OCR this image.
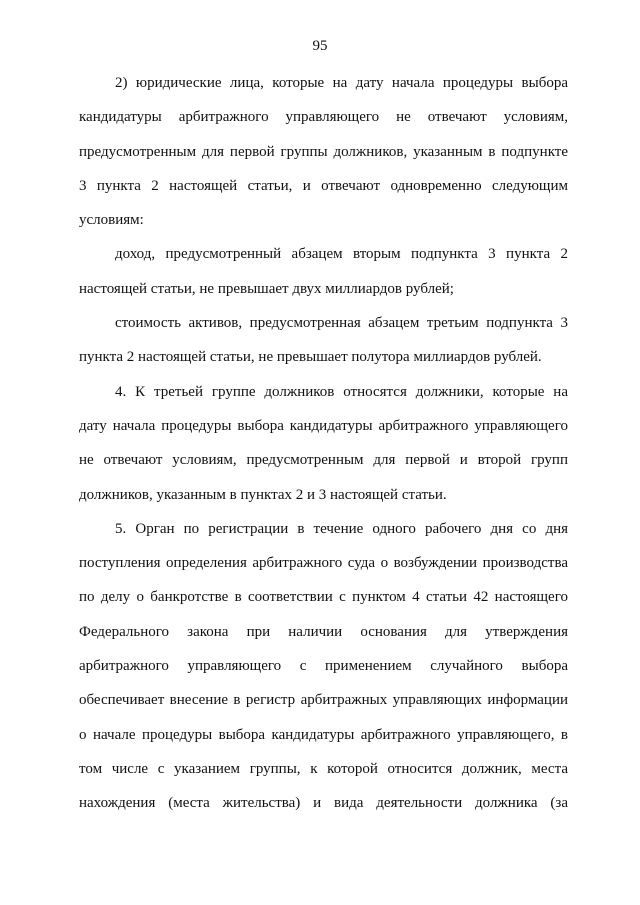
95
2) юридические лица, которые на дату начала процедуры выбора
кандидатуры арбитражного управляющего не отвечают условиям,
предусмотренным для первой группы должников, указанным в подпункте
3 пункта 2 настоящей статьи, и отвечают одновременно следующим
условиям:
доход, предусмотренный абзацем вторым подпункта 3 пункта 2
настоящей статьи, не превышает двух миллиардов рублей;
стоимость активов, предусмотренная абзацем третьим подпункта 3
пункта 2 настоящей статьи, не превышает полутора миллиардов рублей.
4. К третьей группе должников относятся должники, которые на
дату начала процедуры выбора кандидатуры арбитражного управляющего
не отвечают условиям, предусмотренным для первой и второй групп
должников, указанным в пунктах 2 и 3 настоящей статьи.
5. Орган по регистрации в течение одного рабочего дня со дня
поступления определения арбитражного суда о возбуждении производства
по делу о банкротстве в соответствии с пунктом 4 статьи 42 настоящего
Федерального закона при наличии основания для утверждения
арбитражного управляющего с применением случайного выбора
обеспечивает внесение в регистр арбитражных управляющих информации
о начале процедуры выбора кандидатуры арбитражного управляющего, в
том числе с указанием группы, к которой относится должник, места
нахождения (места жительства) и вида деятельности должника (за
